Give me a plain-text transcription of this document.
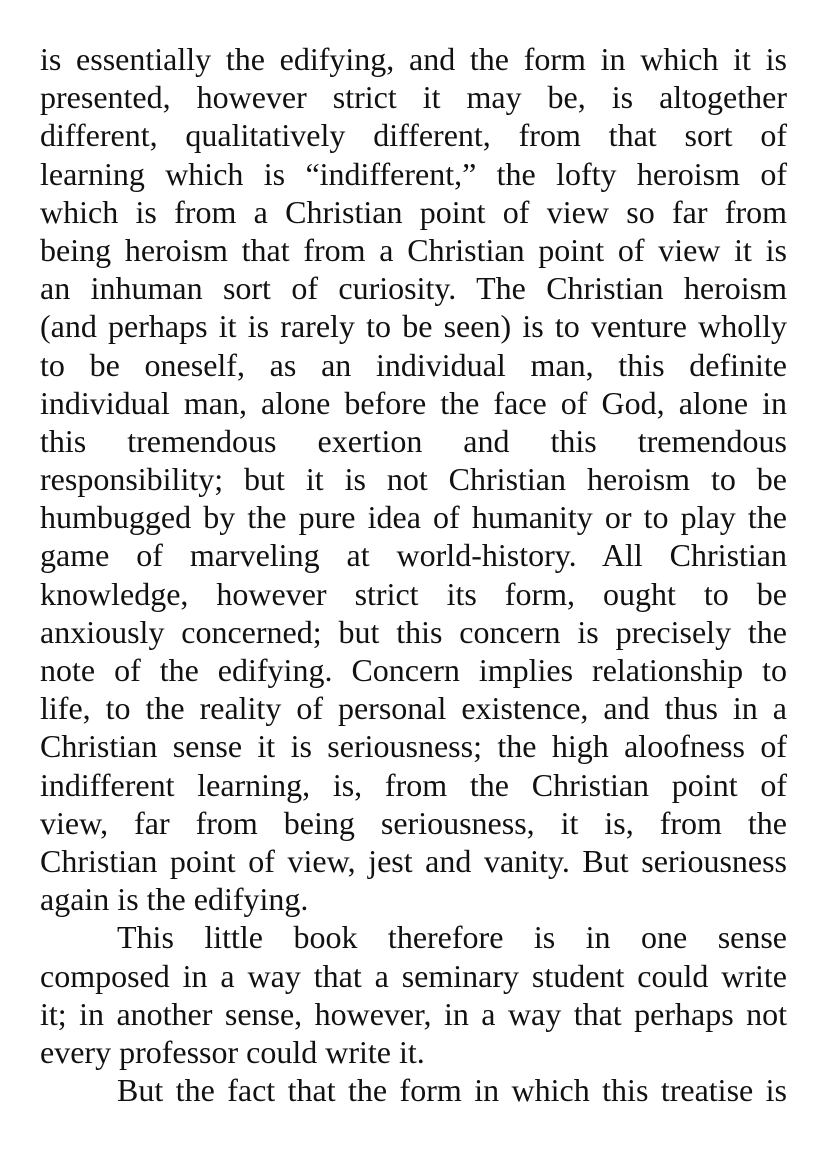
is essentially the edifying, and the form in which it is
presented, however strict it may be, is altogether
different, qualitatively different, from that sort of
learning which is “indifferent,” the lofty heroism of
which is from a Christian point of view so far from
being heroism that from a Christian point of view it is
an inhuman sort of curiosity. The Christian heroism
(and perhaps it is rarely to be seen) is to venture wholly
to be oneself, as an individual man, this definite
individual man, alone before the face of God, alone in
this tremendous exertion and this tremendous
responsibility; but it is not Christian heroism to be
humbugged by the pure idea of humanity or to play the
game of marveling at world-history. All Christian
knowledge, however strict its form, ought to be
anxiously concerned; but this concern is precisely the
note of the edifying. Concern implies relationship to
life, to the reality of personal existence, and thus in a
Christian sense it is seriousness; the high aloofness of
indifferent learning, is, from the Christian point of
view, far from being seriousness, it is, from the
Christian point of view, jest and vanity. But seriousness
again is the edifying.
This little book therefore is in one sense
composed in a way that a seminary student could write
it; in another sense, however, in a way that perhaps not
every professor could write it.
But the fact that the form in which this treatise is
